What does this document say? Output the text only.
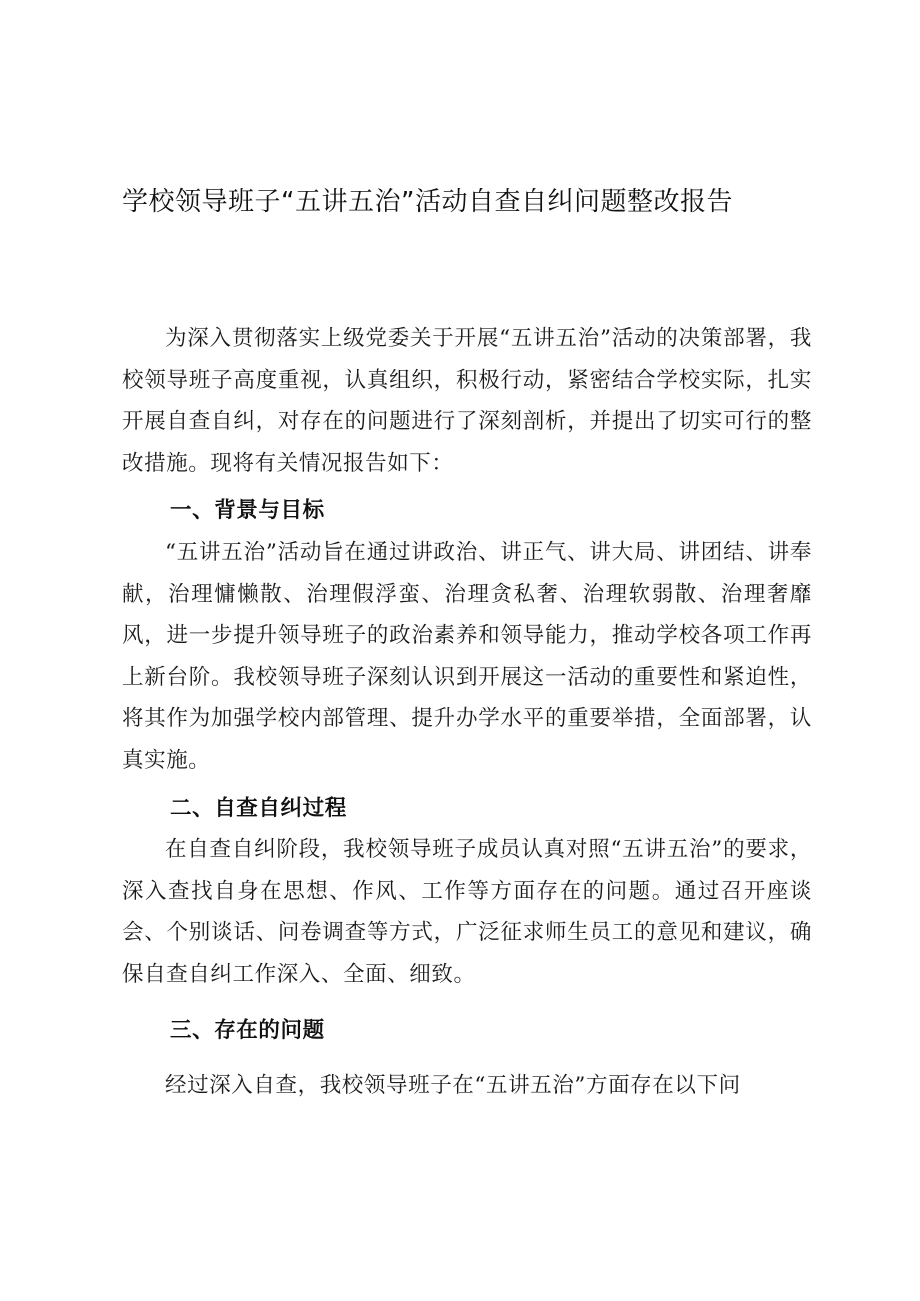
学校领导班子“五讲五治”活动自查自纠问题整改报告

为深入贯彻落实上级党委关于开展“五讲五治”活动的决策部署，我校领导班子高度重视，认真组织，积极行动，紧密结合学校实际，扎实开展自查自纠，对存在的问题进行了深刻剖析，并提出了切实可行的整改措施。现将有关情况报告如下：

一、背景与目标

“五讲五治”活动旨在通过讲政治、讲正气、讲大局、讲团结、讲奉献，治理慵懒散、治理假浮蛮、治理贪私奢、治理软弱散、治理奢靡风，进一步提升领导班子的政治素养和领导能力，推动学校各项工作再上新台阶。我校领导班子深刻认识到开展这一活动的重要性和紧迫性，将其作为加强学校内部管理、提升办学水平的重要举措，全面部署，认真实施。

二、自查自纠过程

在自查自纠阶段，我校领导班子成员认真对照“五讲五治”的要求，深入查找自身在思想、作风、工作等方面存在的问题。通过召开座谈会、个别谈话、问卷调查等方式，广泛征求师生员工的意见和建议，确保自查自纠工作深入、全面、细致。

三、存在的问题

经过深入自查，我校领导班子在“五讲五治”方面存在以下问
